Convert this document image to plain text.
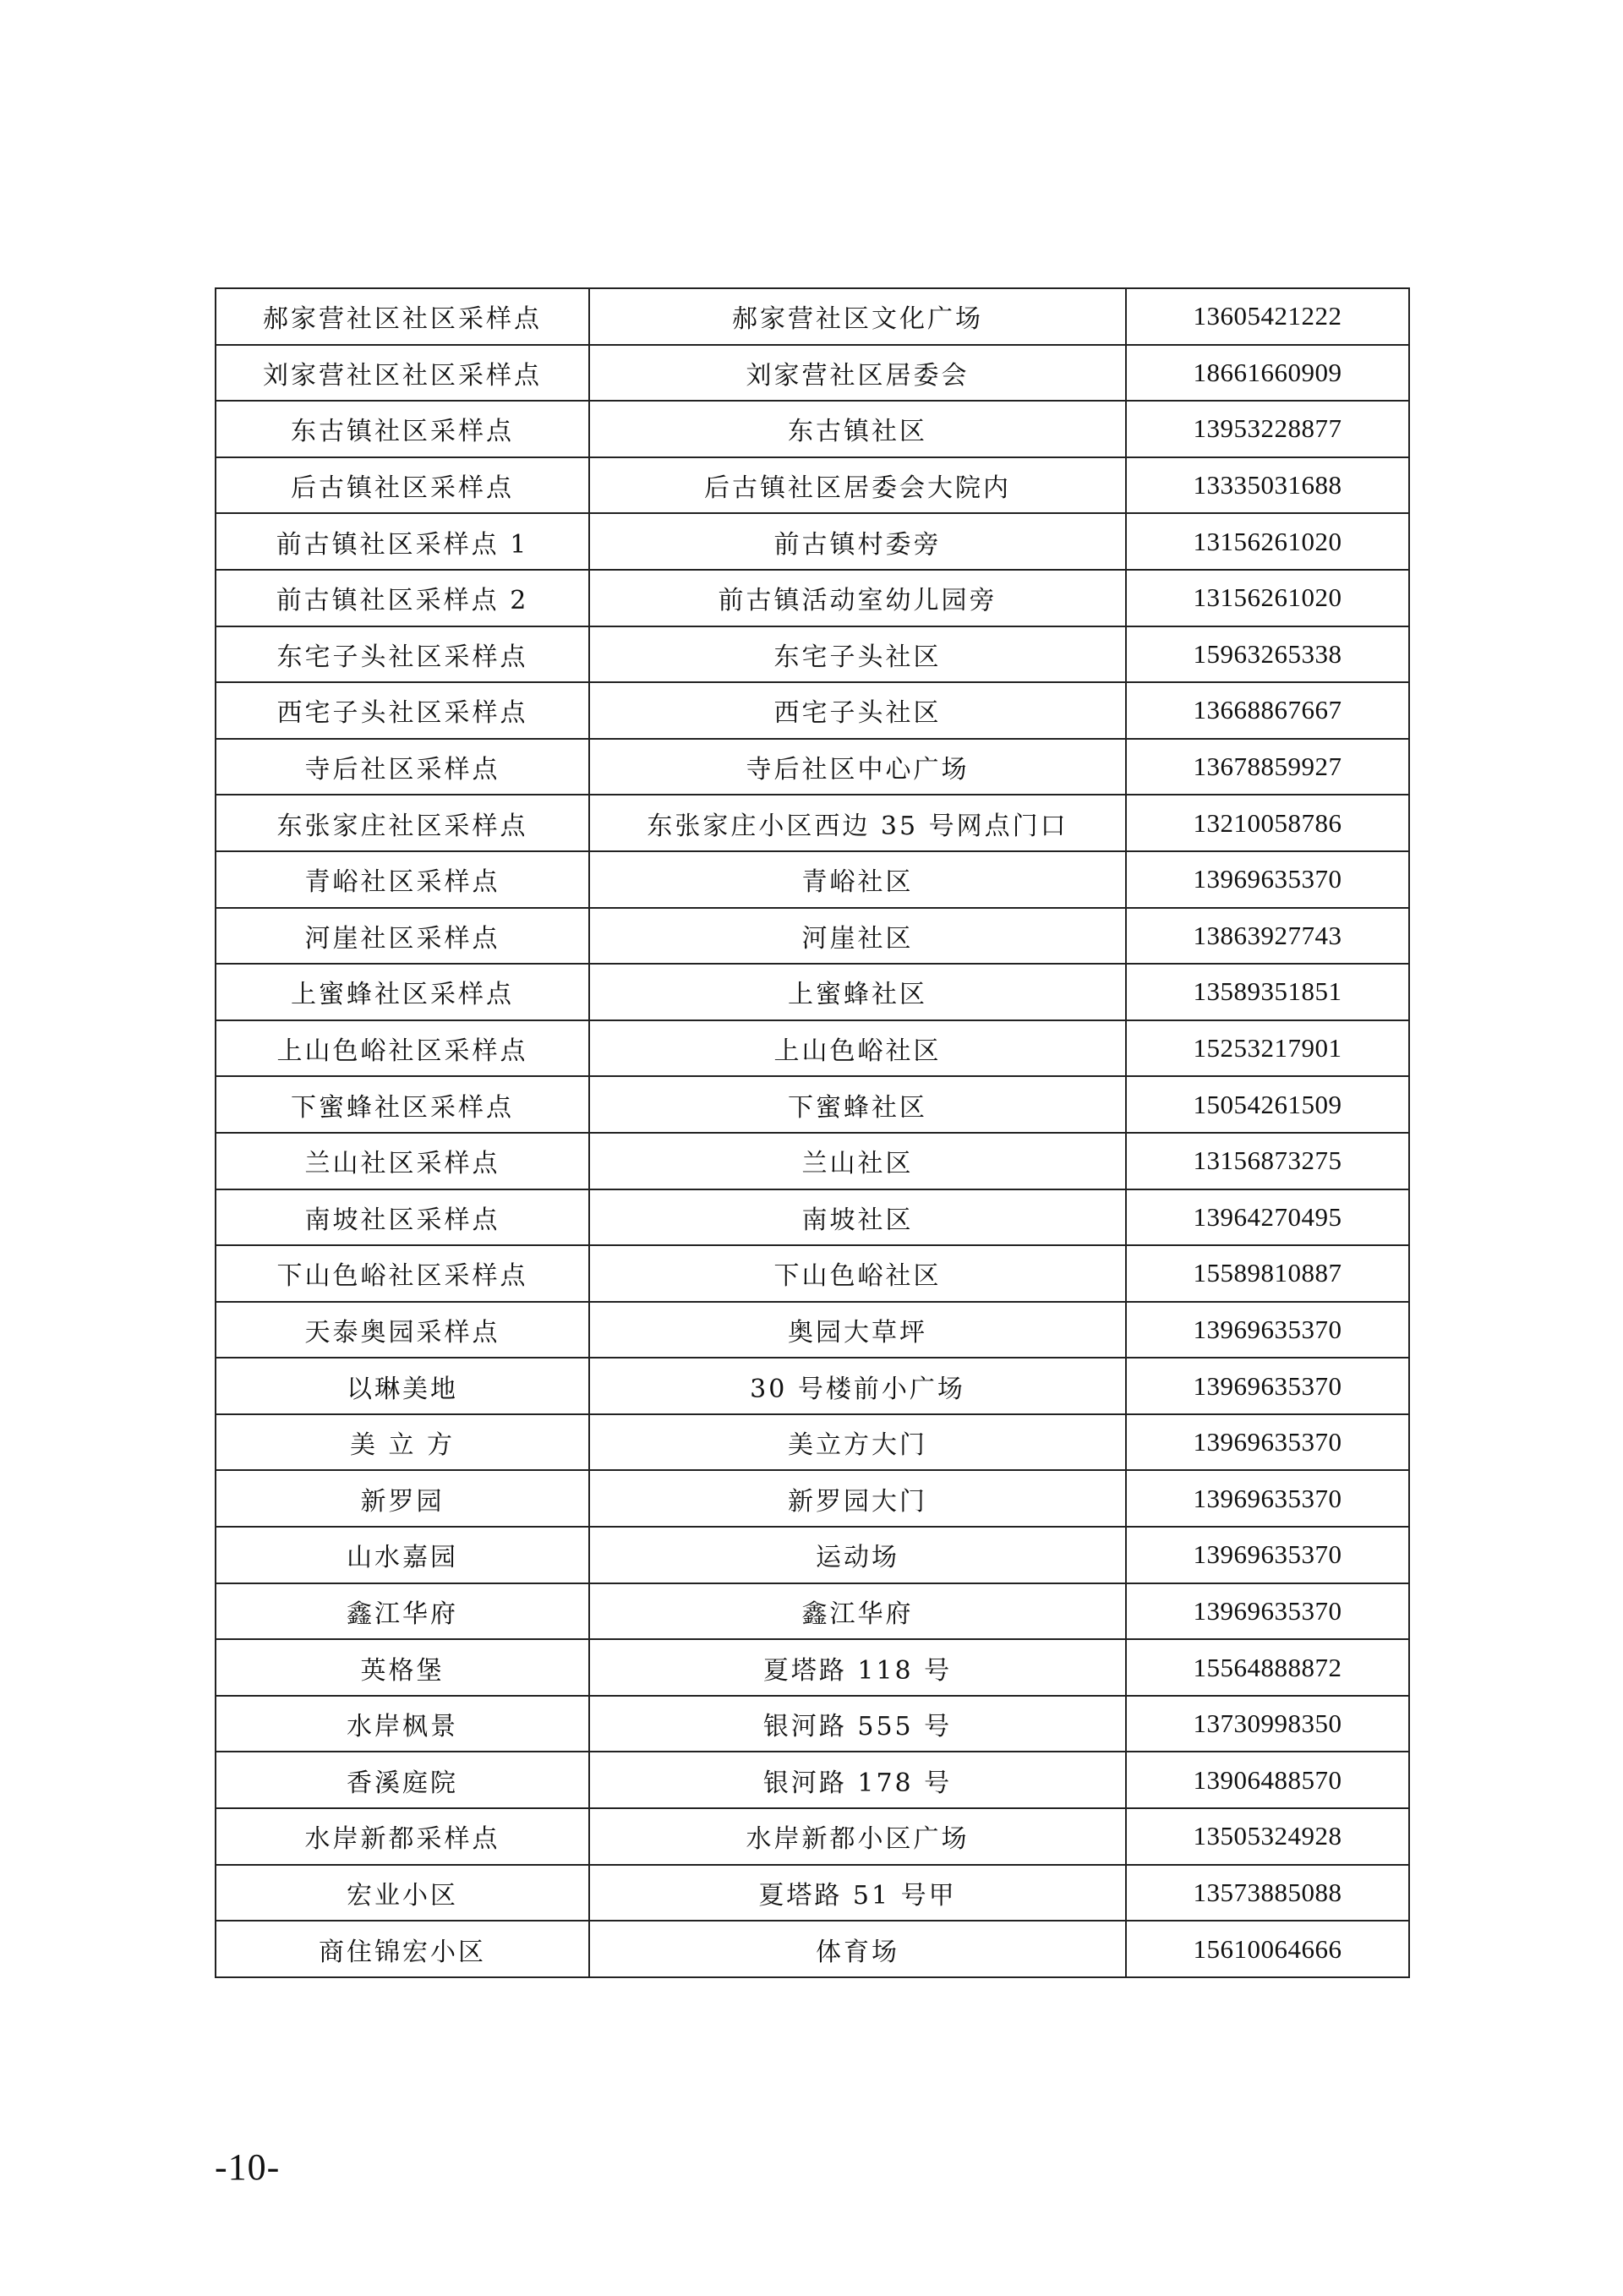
郝家营社区社区采样点	郝家营社区文化广场	13605421222
刘家营社区社区采样点	刘家营社区居委会	18661660909
东古镇社区采样点	东古镇社区	13953228877
后古镇社区采样点	后古镇社区居委会大院内	13335031688
前古镇社区采样点 1	前古镇村委旁	13156261020
前古镇社区采样点 2	前古镇活动室幼儿园旁	13156261020
东宅子头社区采样点	东宅子头社区	15963265338
西宅子头社区采样点	西宅子头社区	13668867667
寺后社区采样点	寺后社区中心广场	13678859927
东张家庄社区采样点	东张家庄小区西边 35 号网点门口	13210058786
青峪社区采样点	青峪社区	13969635370
河崖社区采样点	河崖社区	13863927743
上蜜蜂社区采样点	上蜜蜂社区	13589351851
上山色峪社区采样点	上山色峪社区	15253217901
下蜜蜂社区采样点	下蜜蜂社区	15054261509
兰山社区采样点	兰山社区	13156873275
南坡社区采样点	南坡社区	13964270495
下山色峪社区采样点	下山色峪社区	15589810887
天泰奥园采样点	奥园大草坪	13969635370
以琳美地	30 号楼前小广场	13969635370
美 立 方	美立方大门	13969635370
新罗园	新罗园大门	13969635370
山水嘉园	运动场	13969635370
鑫江华府	鑫江华府	13969635370
英格堡	夏塔路 118 号	15564888872
水岸枫景	银河路 555 号	13730998350
香溪庭院	银河路 178 号	13906488570
水岸新都采样点	水岸新都小区广场	13505324928
宏业小区	夏塔路 51 号甲	13573885088
商住锦宏小区	体育场	15610064666
-10-
